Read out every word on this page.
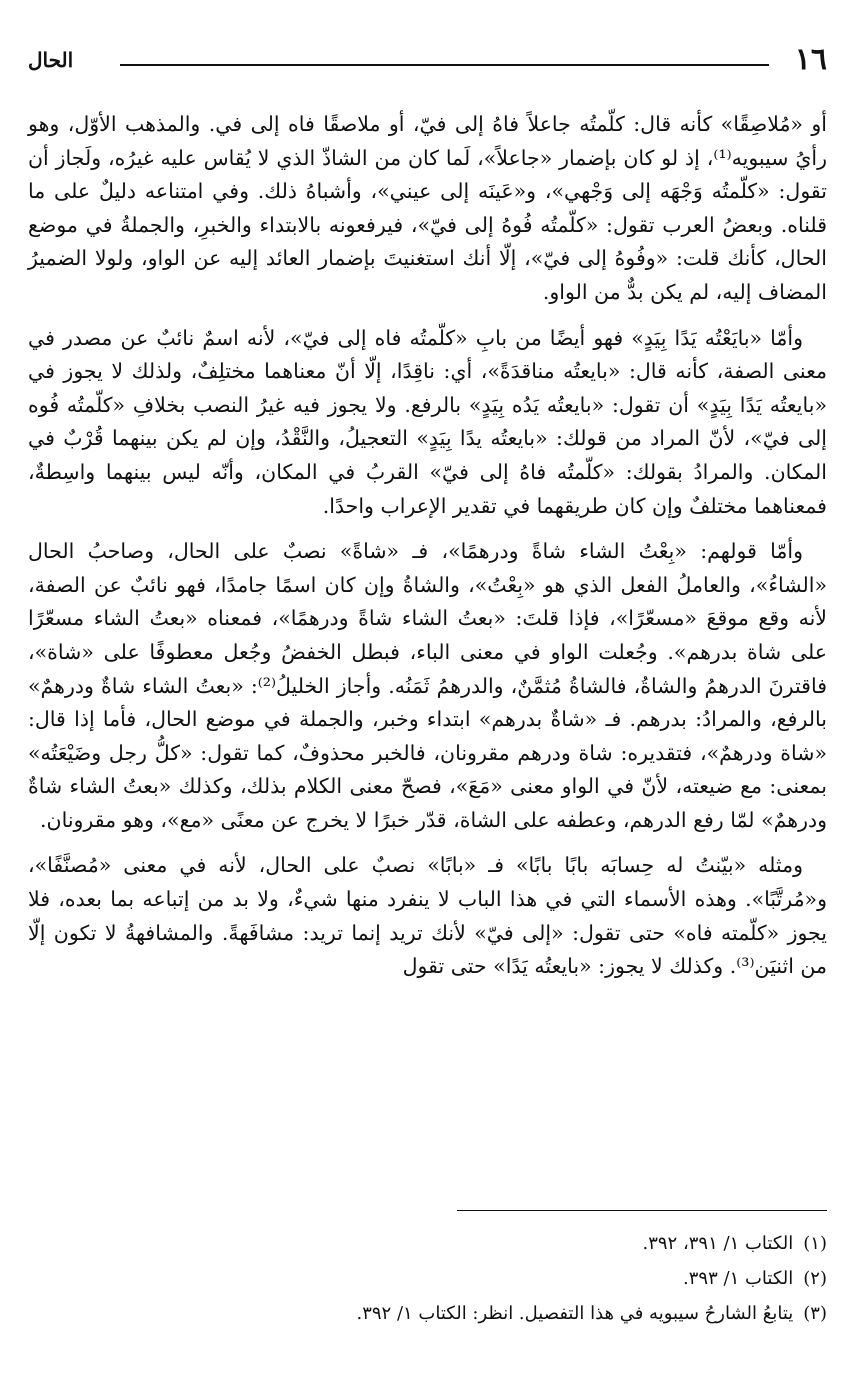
١٦
الحال

أو «مُلاصِقًا» كأنه قال: كلّمتُه جاعلاً فاهُ إلى فيّ، أو ملاصقًا فاه إلى في. والمذهب الأوّل، وهو رأيُ سيبويه⁽¹⁾، إذ لو كان بإضمار «جاعلاً»، لَما كان من الشاذّ الذي لا يُقاس عليه غيرُه، ولَجاز أن تقول: «كلّمتُه وَجْهَه إلى وَجْهي»، و«عَينَه إلى عيني»، وأشباهُ ذلك. وفي امتناعه دليلٌ على ما قلناه. وبعضُ العرب تقول: «كلّمتُه فُوهُ إلى فيّ»، فيرفعونه بالابتداء والخبرِ، والجملةُ في موضع الحال، كأنك قلت: «وفُوهُ إلى فيّ»، إلّا أنك استغنيتَ بإضمار العائد إليه عن الواو، ولولا الضميرُ المضاف إليه، لم يكن بدٌّ من الواو.

وأمّا «بايَعْتُه يَدًا بِيَدٍ» فهو أيضًا من بابِ «كلّمتُه فاه إلى فيّ»، لأنه اسمٌ نائبٌ عن مصدر في معنى الصفة، كأنه قال: «بايعتُه مناقدَةً»، أي: ناقِدًا، إلّا أنّ معناهما مختلِفٌ، ولذلك لا يجوز في «بايعتُه يَدًا بِيَدٍ» أن تقول: «بايعتُه يَدُه بِيَدٍ» بالرفع. ولا يجوز فيه غيرُ النصب بخلافِ «كلّمتُه فُوه إلى فيّ»، لأنّ المراد من قولك: «بايعتُه يدًا بِيَدٍ» التعجيلُ، والنَّقْدُ، وإن لم يكن بينهما قُرْبٌ في المكان. والمرادُ بقولك: «كلّمتُه فاهُ إلى فيّ» القربُ في المكان، وأنّه ليس بينهما واسِطةٌ، فمعناهما مختلفٌ وإن كان طريقهما في تقدير الإعراب واحدًا.

وأمّا قولهم: «بِعْتُ الشاء شاةً ودرهمًا»، فـ «شاةً» نصبٌ على الحال، وصاحبُ الحال «الشاءُ»، والعاملُ الفعل الذي هو «بِعْتُ»، والشاةُ وإن كان اسمًا جامدًا، فهو نائبٌ عن الصفة، لأنه وقع موقعَ «مسعّرًا»، فإذا قلتَ: «بعتُ الشاء شاةً ودرهمًا»، فمعناه «بعتُ الشاء مسعّرًا على شاة بدرهم». وجُعلت الواو في معنى الباء، فبطل الخفضُ وجُعل معطوفًا على «شاة»، فاقترنَ الدرهمُ والشاةُ، فالشاةُ مُثمَّنٌ، والدرهمُ ثَمَنُه. وأجاز الخليلُ⁽²⁾: «بعتُ الشاء شاةٌ ودرهمٌ» بالرفع، والمرادُ: بدرهم. فـ «شاةٌ بدرهم» ابتداء وخبر، والجملة في موضع الحال، فأما إذا قال: «شاة ودرهمٌ»، فتقديره: شاة ودرهم مقرونان، فالخبر محذوفٌ، كما تقول: «كلُّ رجل وضَيْعَتُه» بمعنى: مع ضيعته، لأنّ في الواو معنى «مَعَ»، فصحّ معنى الكلام بذلك، وكذلك «بعتُ الشاء شاةٌ ودرهمٌ» لمّا رفع الدرهم، وعطفه على الشاة، قدّر خبرًا لا يخرج عن معنًى «مع»، وهو مقرونان.

ومثله «بيّنتُ له حِسابَه بابًا بابًا» فـ «بابًا» نصبٌ على الحال، لأنه في معنى «مُصنَّفًا»، و«مُرتَّبًا». وهذه الأسماء التي في هذا الباب لا ينفرد منها شيءٌ، ولا بد من إتباعه بما بعده، فلا يجوز «كلّمته فاه» حتى تقول: «إلى فيّ» لأنك تريد إنما تريد: مشافَهةً. والمشافهةُ لا تكون إلّا من اثنيَن⁽³⁾. وكذلك لا يجوز: «بايعتُه يَدًا» حتى تقول

(١)
الكتاب ١/ ٣٩١، ٣٩٢.
(٢)
الكتاب ١/ ٣٩٣.
(٣)
يتابعُ الشارحُ سيبويه في هذا التفصيل. انظر: الكتاب ١/ ٣٩٢.
